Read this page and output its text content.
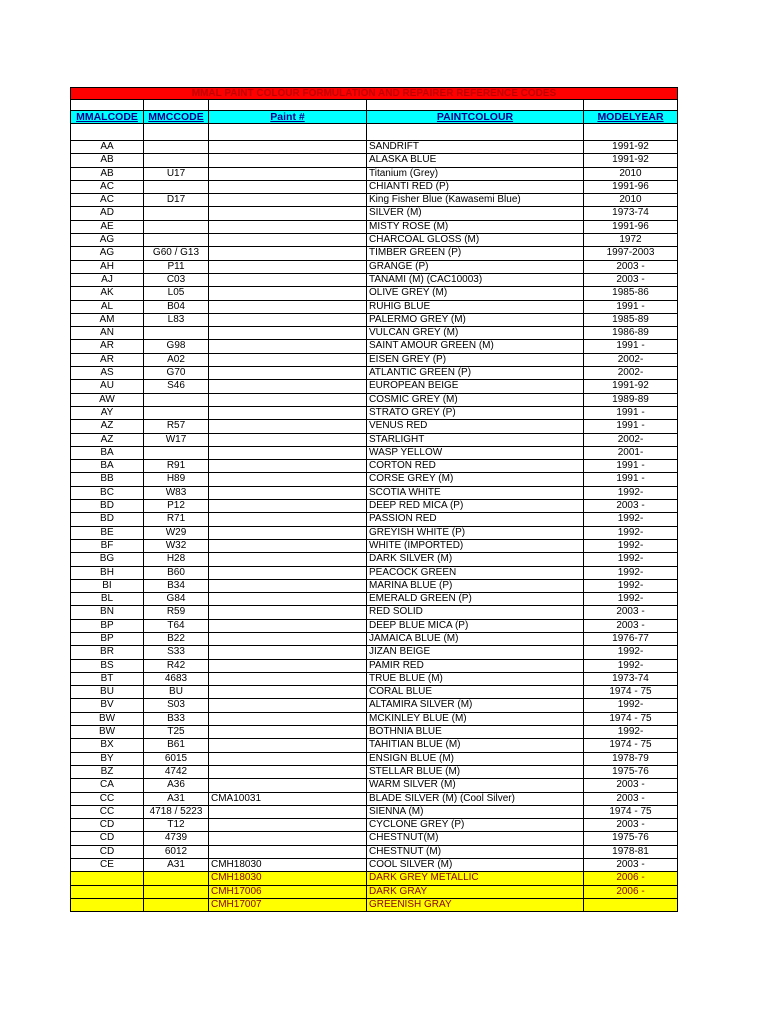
MMAL PAINT COLOUR FORMULATION AND REPAIRER REFERENCE CODES				

MMALCODE	MMCCODE	Paint #	PAINTCOLOUR	MODELYEAR

AA			SANDRIFT	1991-92
AB			ALASKA BLUE	1991-92
AB	U17		Titanium (Grey)	2010
AC			CHIANTI RED (P)	1991-96
AC	D17		King Fisher Blue (Kawasemi Blue)	2010
AD			SILVER (M)	1973-74
AE			MISTY ROSE (M)	1991-96
AG			CHARCOAL GLOSS (M)	1972
AG	G60 / G13		TIMBER GREEN (P)	1997-2003
AH	P11		GRANGE (P)	2003 -
AJ	C03		TANAMI (M) (CAC10003)	2003 -
AK	L05		OLIVE GREY (M)	1985-86
AL	B04		RUHIG BLUE	1991 -
AM	L83		PALERMO GREY (M)	1985-89
AN			VULCAN GREY (M)	1986-89
AR	G98		SAINT AMOUR GREEN (M)	1991 -
AR	A02		EISEN GREY (P)	2002-
AS	G70		ATLANTIC GREEN (P)	2002-
AU	S46		EUROPEAN BEIGE	1991-92
AW			COSMIC GREY (M)	1989-89
AY			STRATO GREY (P)	1991 -
AZ	R57		VENUS RED	1991 -
AZ	W17		STARLIGHT	2002-
BA			WASP YELLOW	2001-
BA	R91		CORTON RED	1991 -
BB	H89		CORSE GREY (M)	1991 -
BC	W83		SCOTIA WHITE	1992-
BD	P12		DEEP RED MICA (P)	2003 -
BD	R71		PASSION RED	1992-
BE	W29		GREYISH WHITE (P)	1992-
BF	W32		WHITE (IMPORTED)	1992-
BG	H28		DARK SILVER (M)	1992-
BH	B60		PEACOCK GREEN	1992-
BI	B34		MARINA BLUE (P)	1992-
BL	G84		EMERALD GREEN (P)	1992-
BN	R59		RED SOLID	2003 -
BP	T64		DEEP BLUE MICA (P)	2003 -
BP	B22		JAMAICA BLUE (M)	1976-77
BR	S33		JIZAN BEIGE	1992-
BS	R42		PAMIR RED	1992-
BT	4683		TRUE BLUE (M)	1973-74
BU	BU		CORAL BLUE	1974 - 75
BV	S03		ALTAMIRA SILVER (M)	1992-
BW	B33		MCKINLEY BLUE (M)	1974 - 75
BW	T25		BOTHNIA BLUE	1992-
BX	B61		TAHITIAN BLUE (M)	1974 - 75
BY	6015		ENSIGN BLUE (M)	1978-79
BZ	4742		STELLAR BLUE (M)	1975-76
CA	A36		WARM SILVER (M)	2003 -
CC	A31	CMA10031	BLADE SILVER (M) (Cool Silver)	2003 -
CC	4718 / 5223		SIENNA (M)	1974 - 75
CD	T12		CYCLONE GREY (P)	2003 -
CD	4739		CHESTNUT(M)	1975-76
CD	6012		CHESTNUT (M)	1978-81
CE	A31	CMH18030	COOL SILVER (M)	2003 -
		CMH18030	DARK GREY METALLIC	2006 -
		CMH17006	DARK GRAY	2006 -
		CMH17007	GREENISH GRAY	
